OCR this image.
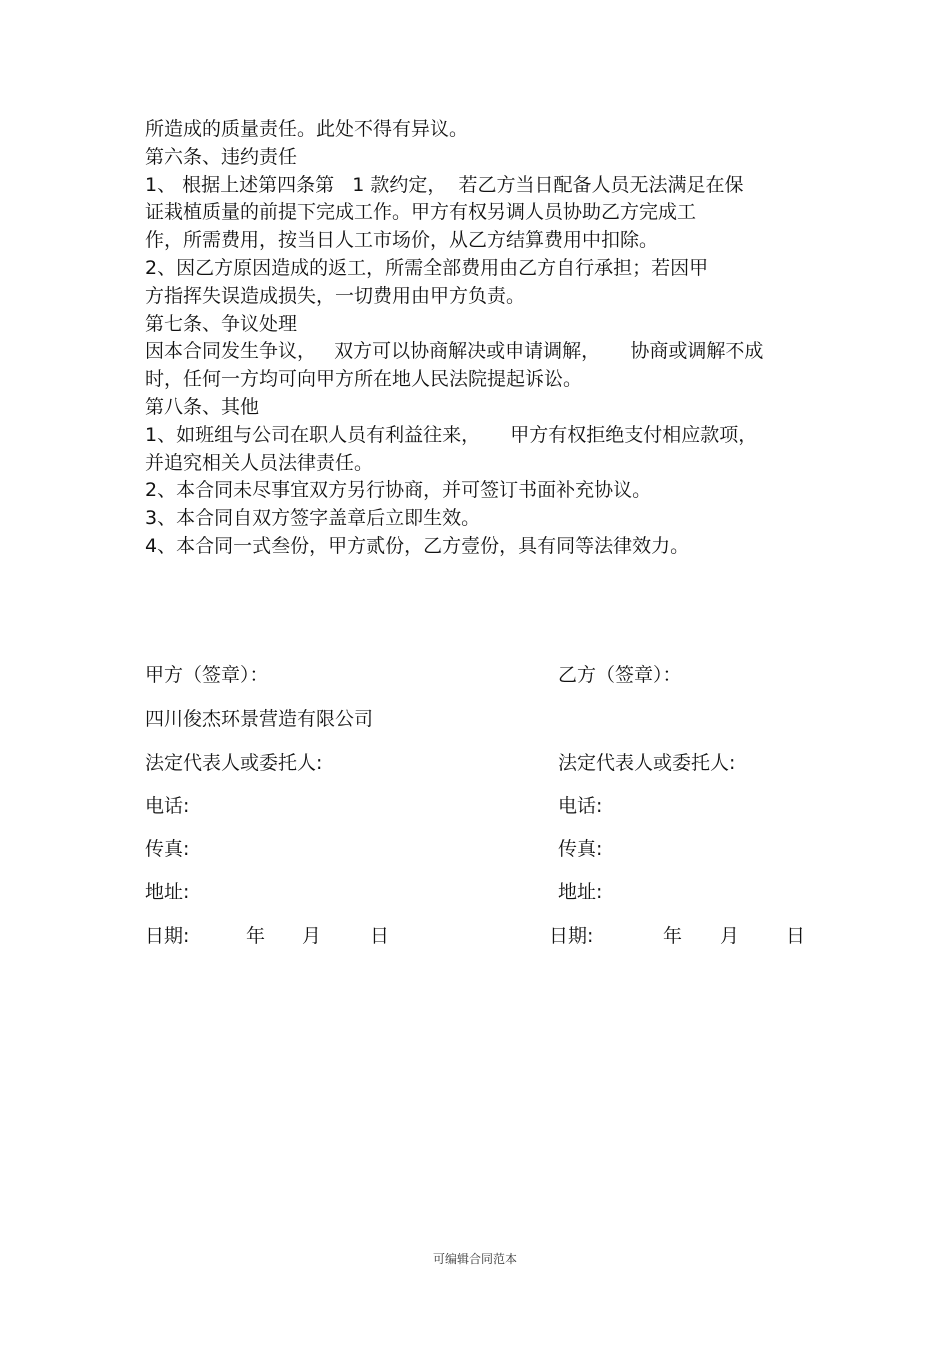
所造成的质量责任。此处不得有异议。
第六条、违约责任
1、 根据上述第四条第   1 款约定，  若乙方当日配备人员无法满足在保
证栽植质量的前提下完成工作。甲方有权另调人员协助乙方完成工
作，所需费用，按当日人工市场价，从乙方结算费用中扣除。
2、因乙方原因造成的返工，所需全部费用由乙方自行承担；若因甲
方指挥失误造成损失，一切费用由甲方负责。
第七条、争议处理
因本合同发生争议，   双方可以协商解决或申请调解，     协商或调解不成
时，任何一方均可向甲方所在地人民法院提起诉讼。
第八条、其他
1、如班组与公司在职人员有利益往来，     甲方有权拒绝支付相应款项，
并追究相关人员法律责任。
2、本合同未尽事宜双方另行协商，并可签订书面补充协议。
3、本合同自双方签字盖章后立即生效。
4、本合同一式叁份，甲方贰份，乙方壹份，具有同等法律效力。
甲方（签章）：
四川俊杰环景营造有限公司
法定代表人或委托人:
电话:
传真:
地址:
日期:	年 月	日
乙方（签章）：
法定代表人或委托人:
电话:
传真:
地址:
日期:	年 月 日
可编辑合同范本
